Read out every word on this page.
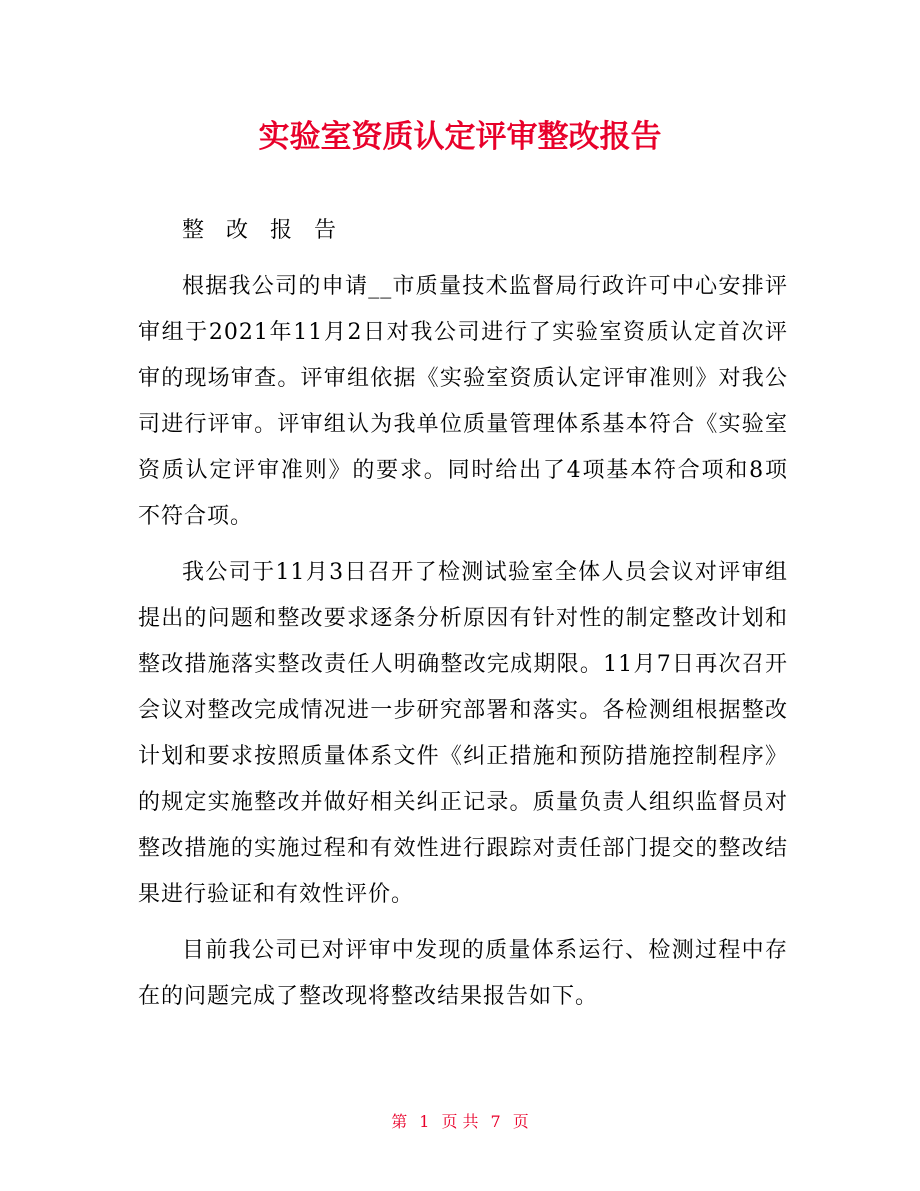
实验室资质认定评审整改报告

整改报告

根据我公司的申请__市质量技术监督局行政许可中心安排评审组于2021年11月2日对我公司进行了实验室资质认定首次评审的现场审查。评审组依据《实验室资质认定评审准则》对我公司进行评审。评审组认为我单位质量管理体系基本符合《实验室资质认定评审准则》的要求。同时给出了4项基本符合项和8项不符合项。

我公司于11月3日召开了检测试验室全体人员会议对评审组提出的问题和整改要求逐条分析原因有针对性的制定整改计划和整改措施落实整改责任人明确整改完成期限。11月7日再次召开会议对整改完成情况进一步研究部署和落实。各检测组根据整改计划和要求按照质量体系文件《纠正措施和预防措施控制程序》的规定实施整改并做好相关纠正记录。质量负责人组织监督员对整改措施的实施过程和有效性进行跟踪对责任部门提交的整改结果进行验证和有效性评价。

目前我公司已对评审中发现的质量体系运行、检测过程中存在的问题完成了整改现将整改结果报告如下。

第 1 页 共 7 页
